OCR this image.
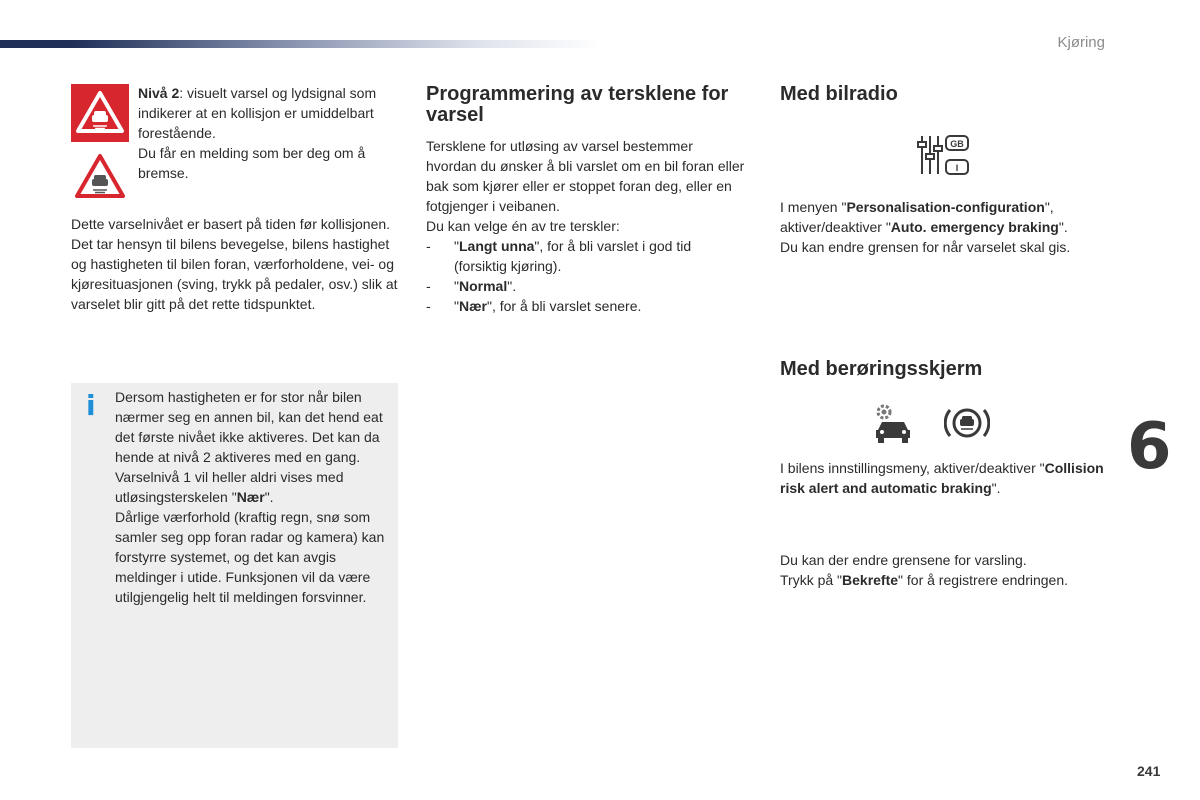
Kjøring

Nivå 2: visuelt varsel og lydsignal som indikerer at en kollisjon er umiddelbart forestående.

Du får en melding som ber deg om å bremse.

Dette varselnivået er basert på tiden før kollisjonen. Det tar hensyn til bilens bevegelse, bilens hastighet og hastigheten til bilen foran, værforholdene, vei- og kjøresituasjonen (sving, trykk på pedaler, osv.) slik at varselet blir gitt på det rette tidspunktet.

i Dersom hastigheten er for stor når bilen nærmer seg en annen bil, kan det hend eat det første nivået ikke aktiveres. Det kan da hende at nivå 2 aktiveres med en gang.

Varselnivå 1 vil heller aldri vises med utløsingsterskelen "Nær".

Dårlige værforhold (kraftig regn, snø som samler seg opp foran radar og kamera) kan forstyrre systemet, og det kan avgis meldinger i utide. Funksjonen vil da være utilgjengelig helt til meldingen forsvinner.

Programmering av tersklene for varsel

Tersklene for utløsing av varsel bestemmer hvordan du ønsker å bli varslet om en bil foran eller bak som kjører eller er stoppet foran deg, eller en fotgjenger i veibanen.

Du kan velge én av tre terskler:

- "Langt unna", for å bli varslet i god tid

(forsiktig kjøring).

- "Normal".

- "Nær", for å bli varslet senere.

Med bilradio
GB
I

I menyen "Personalisation-configuration", aktiver/deaktiver "Auto. emergency braking".

Du kan endre grensen for når varselet skal gis.

Med berøringsskjerm

I bilens innstillingsmeny, aktiver/deaktiver "Collision risk alert and automatic braking".

Du kan der endre grensene for varsling.

Trykk på "Bekrefte" for å registrere endringen.

6
241
